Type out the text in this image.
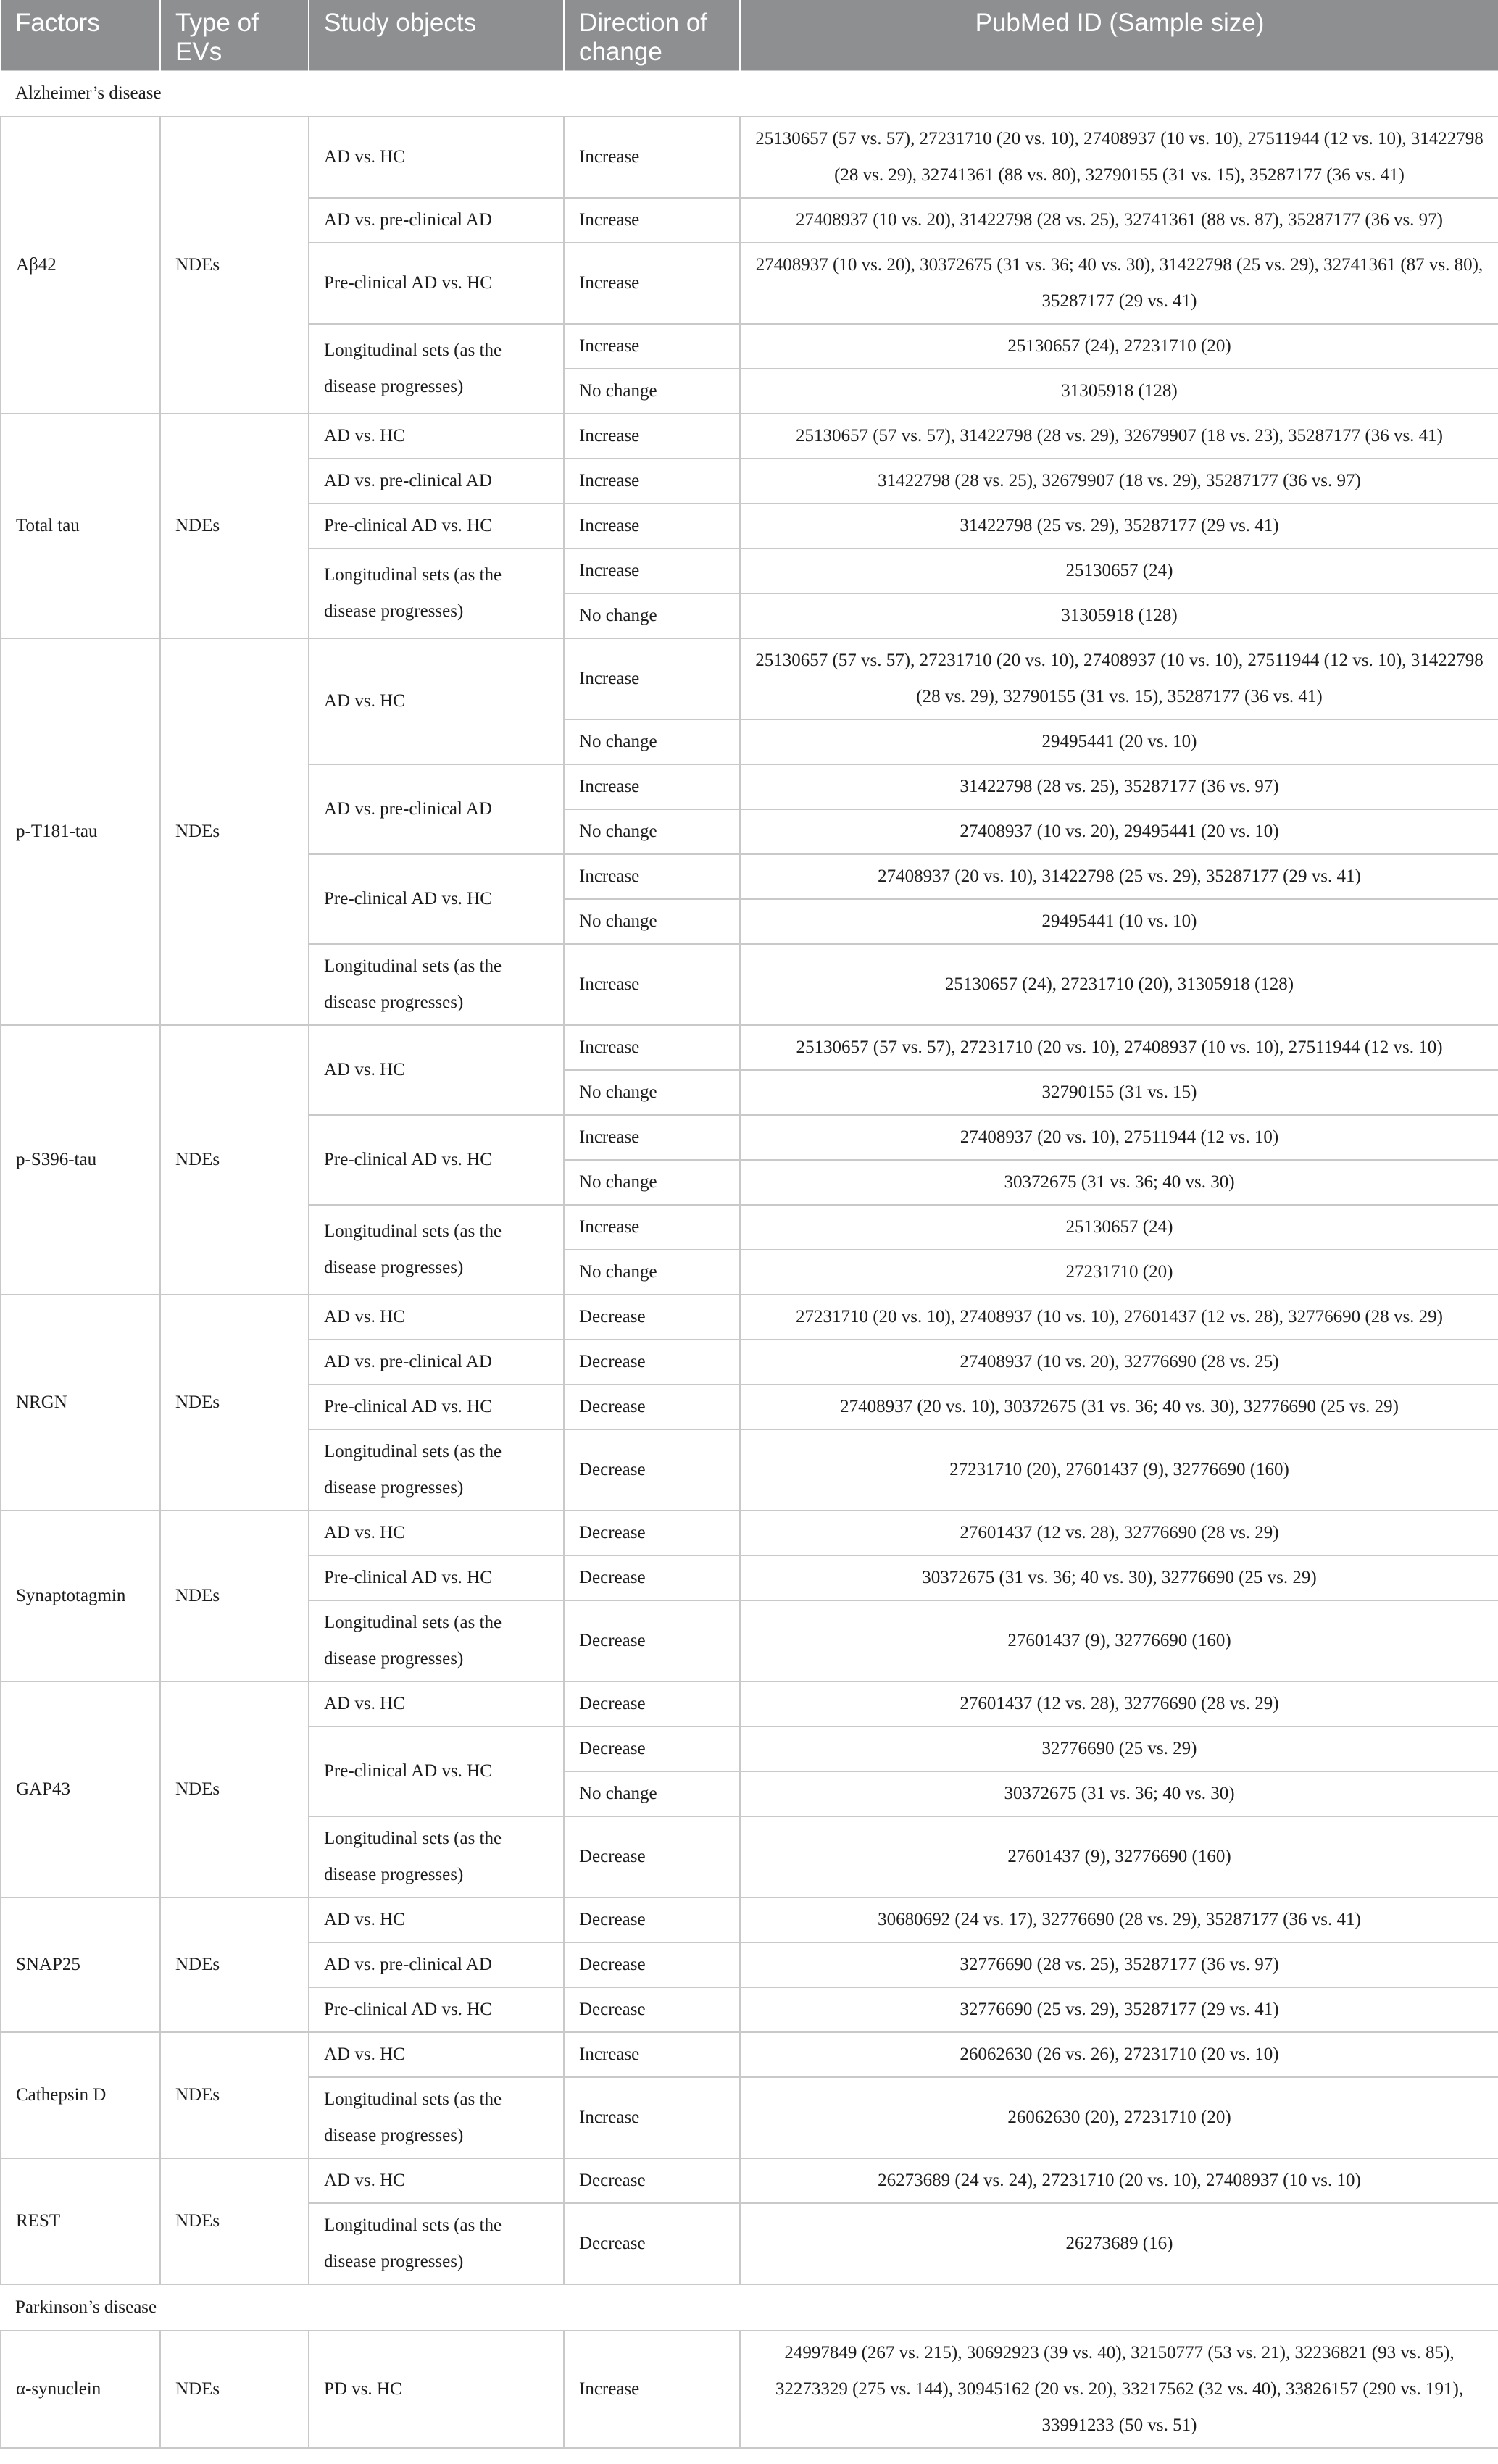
Factors	Type of EVs	Study objects	Direction of change	PubMed ID (Sample size)
Alzheimer’s disease				
Aβ42	NDEs	AD vs. HC	Increase	25130657 (57 vs. 57), 27231710 (20 vs. 10), 27408937 (10 vs. 10), 27511944 (12 vs. 10), 31422798 (28 vs. 29), 32741361 (88 vs. 80), 32790155 (31 vs. 15), 35287177 (36 vs. 41)
		AD vs. pre-clinical AD	Increase	27408937 (10 vs. 20), 31422798 (28 vs. 25), 32741361 (88 vs. 87), 35287177 (36 vs. 97)
		Pre-clinical AD vs. HC	Increase	27408937 (10 vs. 20), 30372675 (31 vs. 36; 40 vs. 30), 31422798 (25 vs. 29), 32741361 (87 vs. 80), 35287177 (29 vs. 41)
		Longitudinal sets (as the disease progresses)	Increase	25130657 (24), 27231710 (20)
			No change	31305918 (128)
Total tau	NDEs	AD vs. HC	Increase	25130657 (57 vs. 57), 31422798 (28 vs. 29), 32679907 (18 vs. 23), 35287177 (36 vs. 41)
		AD vs. pre-clinical AD	Increase	31422798 (28 vs. 25), 32679907 (18 vs. 29), 35287177 (36 vs. 97)
		Pre-clinical AD vs. HC	Increase	31422798 (25 vs. 29), 35287177 (29 vs. 41)
		Longitudinal sets (as the disease progresses)	Increase	25130657 (24)
			No change	31305918 (128)
p-T181-tau	NDEs	AD vs. HC	Increase	25130657 (57 vs. 57), 27231710 (20 vs. 10), 27408937 (10 vs. 10), 27511944 (12 vs. 10), 31422798 (28 vs. 29), 32790155 (31 vs. 15), 35287177 (36 vs. 41)
			No change	29495441 (20 vs. 10)
		AD vs. pre-clinical AD	Increase	31422798 (28 vs. 25), 35287177 (36 vs. 97)
			No change	27408937 (10 vs. 20), 29495441 (20 vs. 10)
		Pre-clinical AD vs. HC	Increase	27408937 (20 vs. 10), 31422798 (25 vs. 29), 35287177 (29 vs. 41)
			No change	29495441 (10 vs. 10)
		Longitudinal sets (as the disease progresses)	Increase	25130657 (24), 27231710 (20), 31305918 (128)
p-S396-tau	NDEs	AD vs. HC	Increase	25130657 (57 vs. 57), 27231710 (20 vs. 10), 27408937 (10 vs. 10), 27511944 (12 vs. 10)
			No change	32790155 (31 vs. 15)
		Pre-clinical AD vs. HC	Increase	27408937 (20 vs. 10), 27511944 (12 vs. 10)
			No change	30372675 (31 vs. 36; 40 vs. 30)
		Longitudinal sets (as the disease progresses)	Increase	25130657 (24)
			No change	27231710 (20)
NRGN	NDEs	AD vs. HC	Decrease	27231710 (20 vs. 10), 27408937 (10 vs. 10), 27601437 (12 vs. 28), 32776690 (28 vs. 29)
		AD vs. pre-clinical AD	Decrease	27408937 (10 vs. 20), 32776690 (28 vs. 25)
		Pre-clinical AD vs. HC	Decrease	27408937 (20 vs. 10), 30372675 (31 vs. 36; 40 vs. 30), 32776690 (25 vs. 29)
		Longitudinal sets (as the disease progresses)	Decrease	27231710 (20), 27601437 (9), 32776690 (160)
Synaptotagmin	NDEs	AD vs. HC	Decrease	27601437 (12 vs. 28), 32776690 (28 vs. 29)
		Pre-clinical AD vs. HC	Decrease	30372675 (31 vs. 36; 40 vs. 30), 32776690 (25 vs. 29)
		Longitudinal sets (as the disease progresses)	Decrease	27601437 (9), 32776690 (160)
GAP43	NDEs	AD vs. HC	Decrease	27601437 (12 vs. 28), 32776690 (28 vs. 29)
		Pre-clinical AD vs. HC	Decrease	32776690 (25 vs. 29)
			No change	30372675 (31 vs. 36; 40 vs. 30)
		Longitudinal sets (as the disease progresses)	Decrease	27601437 (9), 32776690 (160)
SNAP25	NDEs	AD vs. HC	Decrease	30680692 (24 vs. 17), 32776690 (28 vs. 29), 35287177 (36 vs. 41)
		AD vs. pre-clinical AD	Decrease	32776690 (28 vs. 25), 35287177 (36 vs. 97)
		Pre-clinical AD vs. HC	Decrease	32776690 (25 vs. 29), 35287177 (29 vs. 41)
Cathepsin D	NDEs	AD vs. HC	Increase	26062630 (26 vs. 26), 27231710 (20 vs. 10)
		Longitudinal sets (as the disease progresses)	Increase	26062630 (20), 27231710 (20)
REST	NDEs	AD vs. HC	Decrease	26273689 (24 vs. 24), 27231710 (20 vs. 10), 27408937 (10 vs. 10)
		Longitudinal sets (as the disease progresses)	Decrease	26273689 (16)
Parkinson’s disease				
α-synuclein	NDEs	PD vs. HC	Increase	24997849 (267 vs. 215), 30692923 (39 vs. 40), 32150777 (53 vs. 21), 32236821 (93 vs. 85), 32273329 (275 vs. 144), 30945162 (20 vs. 20), 33217562 (32 vs. 40), 33826157 (290 vs. 191), 33991233 (50 vs. 51)
